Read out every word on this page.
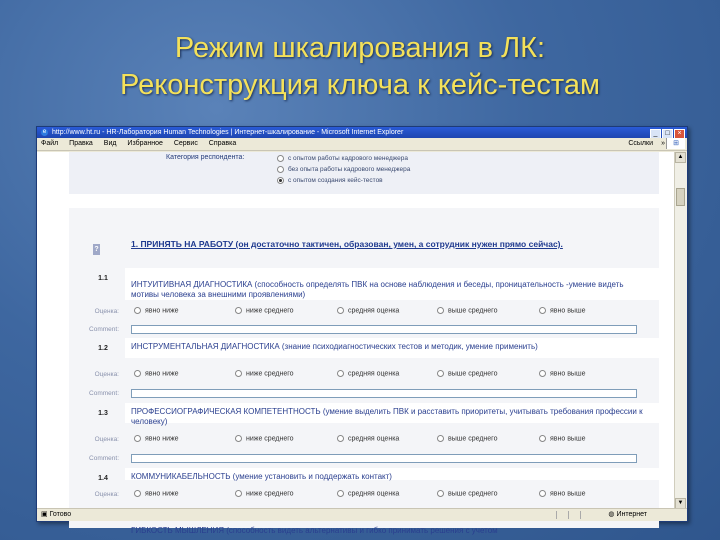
Режим шкалирования в ЛК:
Реконструкция ключа к кейс-тестам
e http://www.ht.ru - HR-Лаборатория Human Technologies | Интернет-шкалирование - Microsoft Internet Explorer	_ □ ×
Файл Правка Вид Избранное Сервис Справка	Ссылки »	⊞
Категория респондента:	с опытом работы кадрового менеджера
без опыта работы кадрового менеджера
с опытом создания кейс-тестов
?
1. ПРИНЯТЬ НА РАБОТУ (он достаточно тактичен, образован, умен, а сотрудник нужен прямо сейчас).
1.1
ИНТУИТИВНАЯ ДИАГНОСТИКА (способность определять ПВК на основе наблюдения и беседы, проницательность -умение видеть мотивы человека за внешними проявлениями)
Оценка:	явно ниже	ниже среднего	средняя оценка	выше среднего	явно выше
Comment:
1.2	ИНСТРУМЕНТАЛЬНАЯ ДИАГНОСТИКА (знание психодиагностических тестов и методик, умение применить)
Оценка:	явно ниже	ниже среднего	средняя оценка	выше среднего	явно выше
Comment:
1.3	ПРОФЕССИОГРАФИЧЕСКАЯ КОМПЕТЕНТНОСТЬ (умение выделить ПВК и расставить приоритеты, учитывать требования профессии к человеку)
Оценка:	явно ниже	ниже среднего	средняя оценка	выше среднего	явно выше
Comment:
1.4	КОММУНИКАБЕЛЬНОСТЬ (умение установить и поддержать контакт)
Оценка:	явно ниже	ниже среднего	средняя оценка	выше среднего	явно выше
ГИБКОСТЬ МЫШЛЕНИЯ (способность видеть альтернативы и гибко принимать решения с учетом
▲
▼
▣ Готово	◍ Интернет
